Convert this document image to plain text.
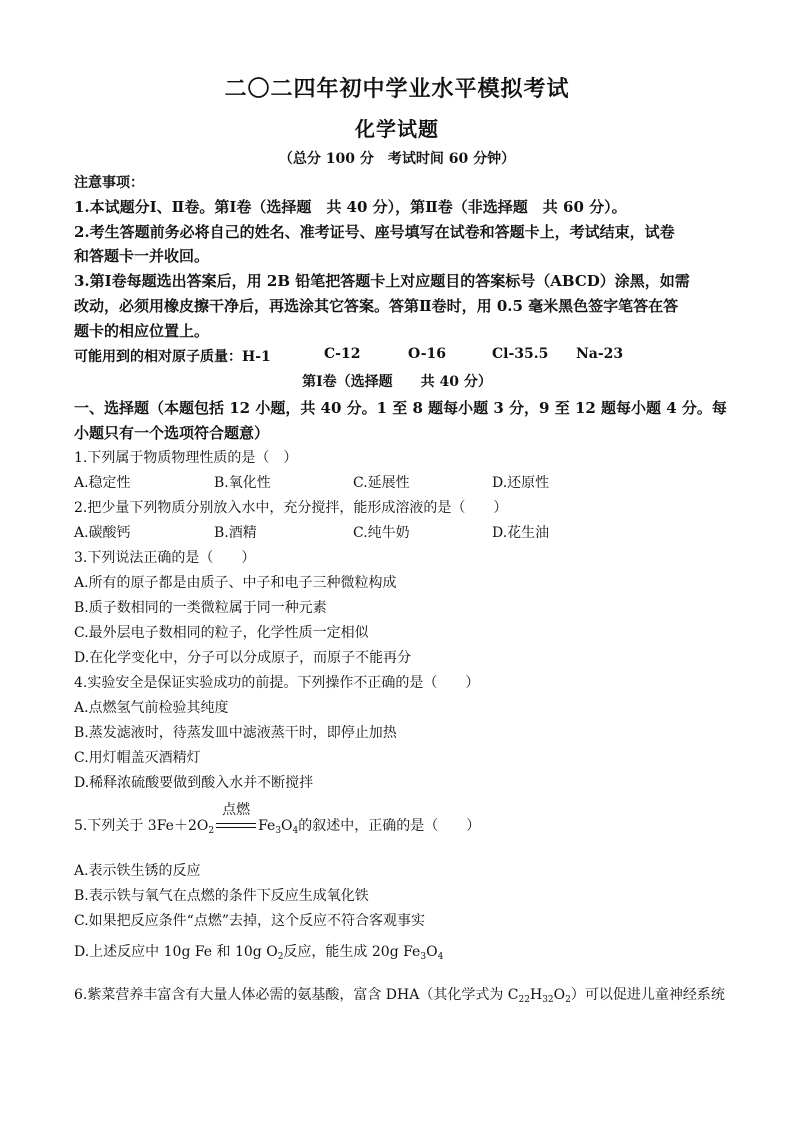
二〇二四年初中学业水平模拟考试
化学试题
（总分 100 分　考试时间 60 分钟）
注意事项：
1.本试题分Ⅰ、Ⅱ卷。第Ⅰ卷（选择题　共 40 分），第Ⅱ卷（非选择题　共 60 分）。
2.考生答题前务必将自己的姓名、准考证号、座号填写在试卷和答题卡上，考试结束，试卷
和答题卡一并收回。
3.第Ⅰ卷每题选出答案后，用 2B 铅笔把答题卡上对应题目的答案标号（ABCD）涂黑，如需
改动，必须用橡皮擦干净后，再选涂其它答案。答第Ⅱ卷时，用 0.5 毫米黑色签字笔答在答
题卡的相应位置上。
可能用到的相对原子质量：H-1	C-12	O-16	Cl-35.5 Na-23
第Ⅰ卷（选择题　　共 40 分）
一、选择题（本题包括 12 小题，共 40 分。1 至 8 题每小题 3 分，9 至 12 题每小题 4 分。每
小题只有一个选项符合题意）
1.下列属于物质物理性质的是（　）
A.稳定性	B.氧化性	C.延展性	D.还原性
2.把少量下列物质分别放入水中，充分搅拌，能形成溶液的是（　　）
A.碳酸钙	B.酒精	C.纯牛奶	D.花生油
3.下列说法正确的是（　　）
A.所有的原子都是由质子、中子和电子三种微粒构成
B.质子数相同的一类微粒属于同一种元素
C.最外层电子数相同的粒子，化学性质一定相似
D.在化学变化中，分子可以分成原子，而原子不能再分
4.实验安全是保证实验成功的前提。下列操作不正确的是（　　）
A.点燃氢气前检验其纯度
B.蒸发滤液时，待蒸发皿中滤液蒸干时，即停止加热
C.用灯帽盖灭酒精灯
D.稀释浓硫酸要做到酸入水并不断搅拌
5.下列关于 $3Fe+2O_2$
点燃
$Fe_3O_4$的叙述中，正确的是（　　）
A.表示铁生锈的反应
B.表示铁与氧气在点燃的条件下反应生成氧化铁
C.如果把反应条件“点燃”去掉，这个反应不符合客观事实
D.上述反应中 10g Fe 和 10g $O_2$反应，能生成 20g $Fe_3O_4$
6.紫菜营养丰富含有大量人体必需的氨基酸，富含 DHA（其化学式为 $C_{22}H_{32}O_2$）可以促进儿童神经系统
